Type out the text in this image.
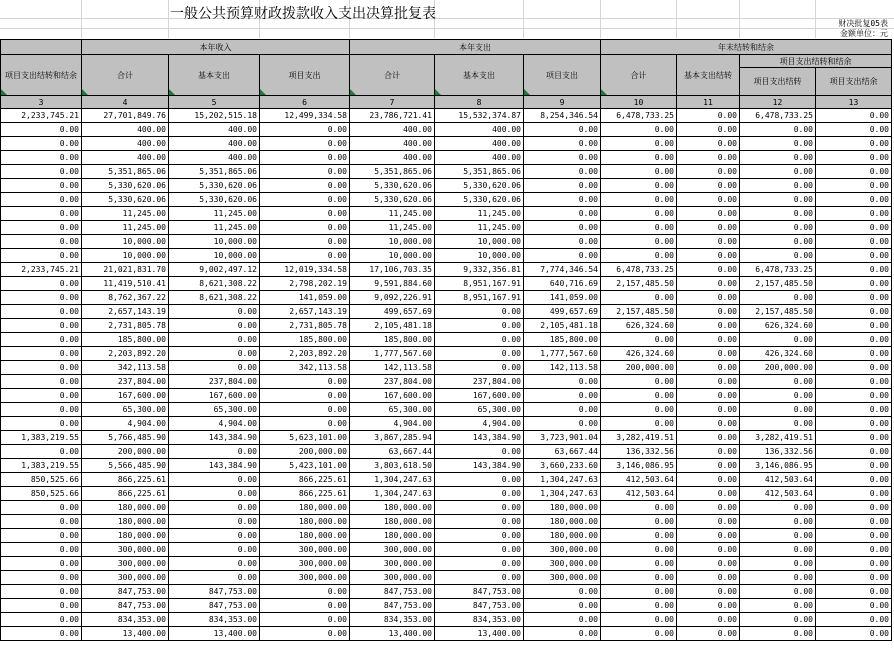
一般公共预算财政拨款收入支出决算批复表
财决批复05表
金额单位：元
	本年收入			本年支出			年末结转和结余			
项目支出结转和结余	合计	基本支出	项目支出	合计	基本支出	项目支出	合计	基本支出结转	项目支出结转和结余	
									项目支出结转	项目支出结余
3	4	5	6	7	8	9	10	11	12	13
2,233,745.21	27,701,849.76	15,202,515.18	12,499,334.58	23,786,721.41	15,532,374.87	8,254,346.54	6,478,733.25	0.00	6,478,733.25	0.00
0.00	400.00	400.00	0.00	400.00	400.00	0.00	0.00	0.00	0.00	0.00
0.00	400.00	400.00	0.00	400.00	400.00	0.00	0.00	0.00	0.00	0.00
0.00	400.00	400.00	0.00	400.00	400.00	0.00	0.00	0.00	0.00	0.00
0.00	5,351,865.06	5,351,865.06	0.00	5,351,865.06	5,351,865.06	0.00	0.00	0.00	0.00	0.00
0.00	5,330,620.06	5,330,620.06	0.00	5,330,620.06	5,330,620.06	0.00	0.00	0.00	0.00	0.00
0.00	5,330,620.06	5,330,620.06	0.00	5,330,620.06	5,330,620.06	0.00	0.00	0.00	0.00	0.00
0.00	11,245.00	11,245.00	0.00	11,245.00	11,245.00	0.00	0.00	0.00	0.00	0.00
0.00	11,245.00	11,245.00	0.00	11,245.00	11,245.00	0.00	0.00	0.00	0.00	0.00
0.00	10,000.00	10,000.00	0.00	10,000.00	10,000.00	0.00	0.00	0.00	0.00	0.00
0.00	10,000.00	10,000.00	0.00	10,000.00	10,000.00	0.00	0.00	0.00	0.00	0.00
2,233,745.21	21,021,831.70	9,002,497.12	12,019,334.58	17,106,703.35	9,332,356.81	7,774,346.54	6,478,733.25	0.00	6,478,733.25	0.00
0.00	11,419,510.41	8,621,308.22	2,798,202.19	9,591,884.60	8,951,167.91	640,716.69	2,157,485.50	0.00	2,157,485.50	0.00
0.00	8,762,367.22	8,621,308.22	141,059.00	9,092,226.91	8,951,167.91	141,059.00	0.00	0.00	0.00	0.00
0.00	2,657,143.19	0.00	2,657,143.19	499,657.69	0.00	499,657.69	2,157,485.50	0.00	2,157,485.50	0.00
0.00	2,731,805.78	0.00	2,731,805.78	2,105,481.18	0.00	2,105,481.18	626,324.60	0.00	626,324.60	0.00
0.00	185,800.00	0.00	185,800.00	185,800.00	0.00	185,800.00	0.00	0.00	0.00	0.00
0.00	2,203,892.20	0.00	2,203,892.20	1,777,567.60	0.00	1,777,567.60	426,324.60	0.00	426,324.60	0.00
0.00	342,113.58	0.00	342,113.58	142,113.58	0.00	142,113.58	200,000.00	0.00	200,000.00	0.00
0.00	237,804.00	237,804.00	0.00	237,804.00	237,804.00	0.00	0.00	0.00	0.00	0.00
0.00	167,600.00	167,600.00	0.00	167,600.00	167,600.00	0.00	0.00	0.00	0.00	0.00
0.00	65,300.00	65,300.00	0.00	65,300.00	65,300.00	0.00	0.00	0.00	0.00	0.00
0.00	4,904.00	4,904.00	0.00	4,904.00	4,904.00	0.00	0.00	0.00	0.00	0.00
1,383,219.55	5,766,485.90	143,384.90	5,623,101.00	3,867,285.94	143,384.90	3,723,901.04	3,282,419.51	0.00	3,282,419.51	0.00
0.00	200,000.00	0.00	200,000.00	63,667.44	0.00	63,667.44	136,332.56	0.00	136,332.56	0.00
1,383,219.55	5,566,485.90	143,384.90	5,423,101.00	3,803,618.50	143,384.90	3,660,233.60	3,146,086.95	0.00	3,146,086.95	0.00
850,525.66	866,225.61	0.00	866,225.61	1,304,247.63	0.00	1,304,247.63	412,503.64	0.00	412,503.64	0.00
850,525.66	866,225.61	0.00	866,225.61	1,304,247.63	0.00	1,304,247.63	412,503.64	0.00	412,503.64	0.00
0.00	180,000.00	0.00	180,000.00	180,000.00	0.00	180,000.00	0.00	0.00	0.00	0.00
0.00	180,000.00	0.00	180,000.00	180,000.00	0.00	180,000.00	0.00	0.00	0.00	0.00
0.00	180,000.00	0.00	180,000.00	180,000.00	0.00	180,000.00	0.00	0.00	0.00	0.00
0.00	300,000.00	0.00	300,000.00	300,000.00	0.00	300,000.00	0.00	0.00	0.00	0.00
0.00	300,000.00	0.00	300,000.00	300,000.00	0.00	300,000.00	0.00	0.00	0.00	0.00
0.00	300,000.00	0.00	300,000.00	300,000.00	0.00	300,000.00	0.00	0.00	0.00	0.00
0.00	847,753.00	847,753.00	0.00	847,753.00	847,753.00	0.00	0.00	0.00	0.00	0.00
0.00	847,753.00	847,753.00	0.00	847,753.00	847,753.00	0.00	0.00	0.00	0.00	0.00
0.00	834,353.00	834,353.00	0.00	834,353.00	834,353.00	0.00	0.00	0.00	0.00	0.00
0.00	13,400.00	13,400.00	0.00	13,400.00	13,400.00	0.00	0.00	0.00	0.00	0.00
